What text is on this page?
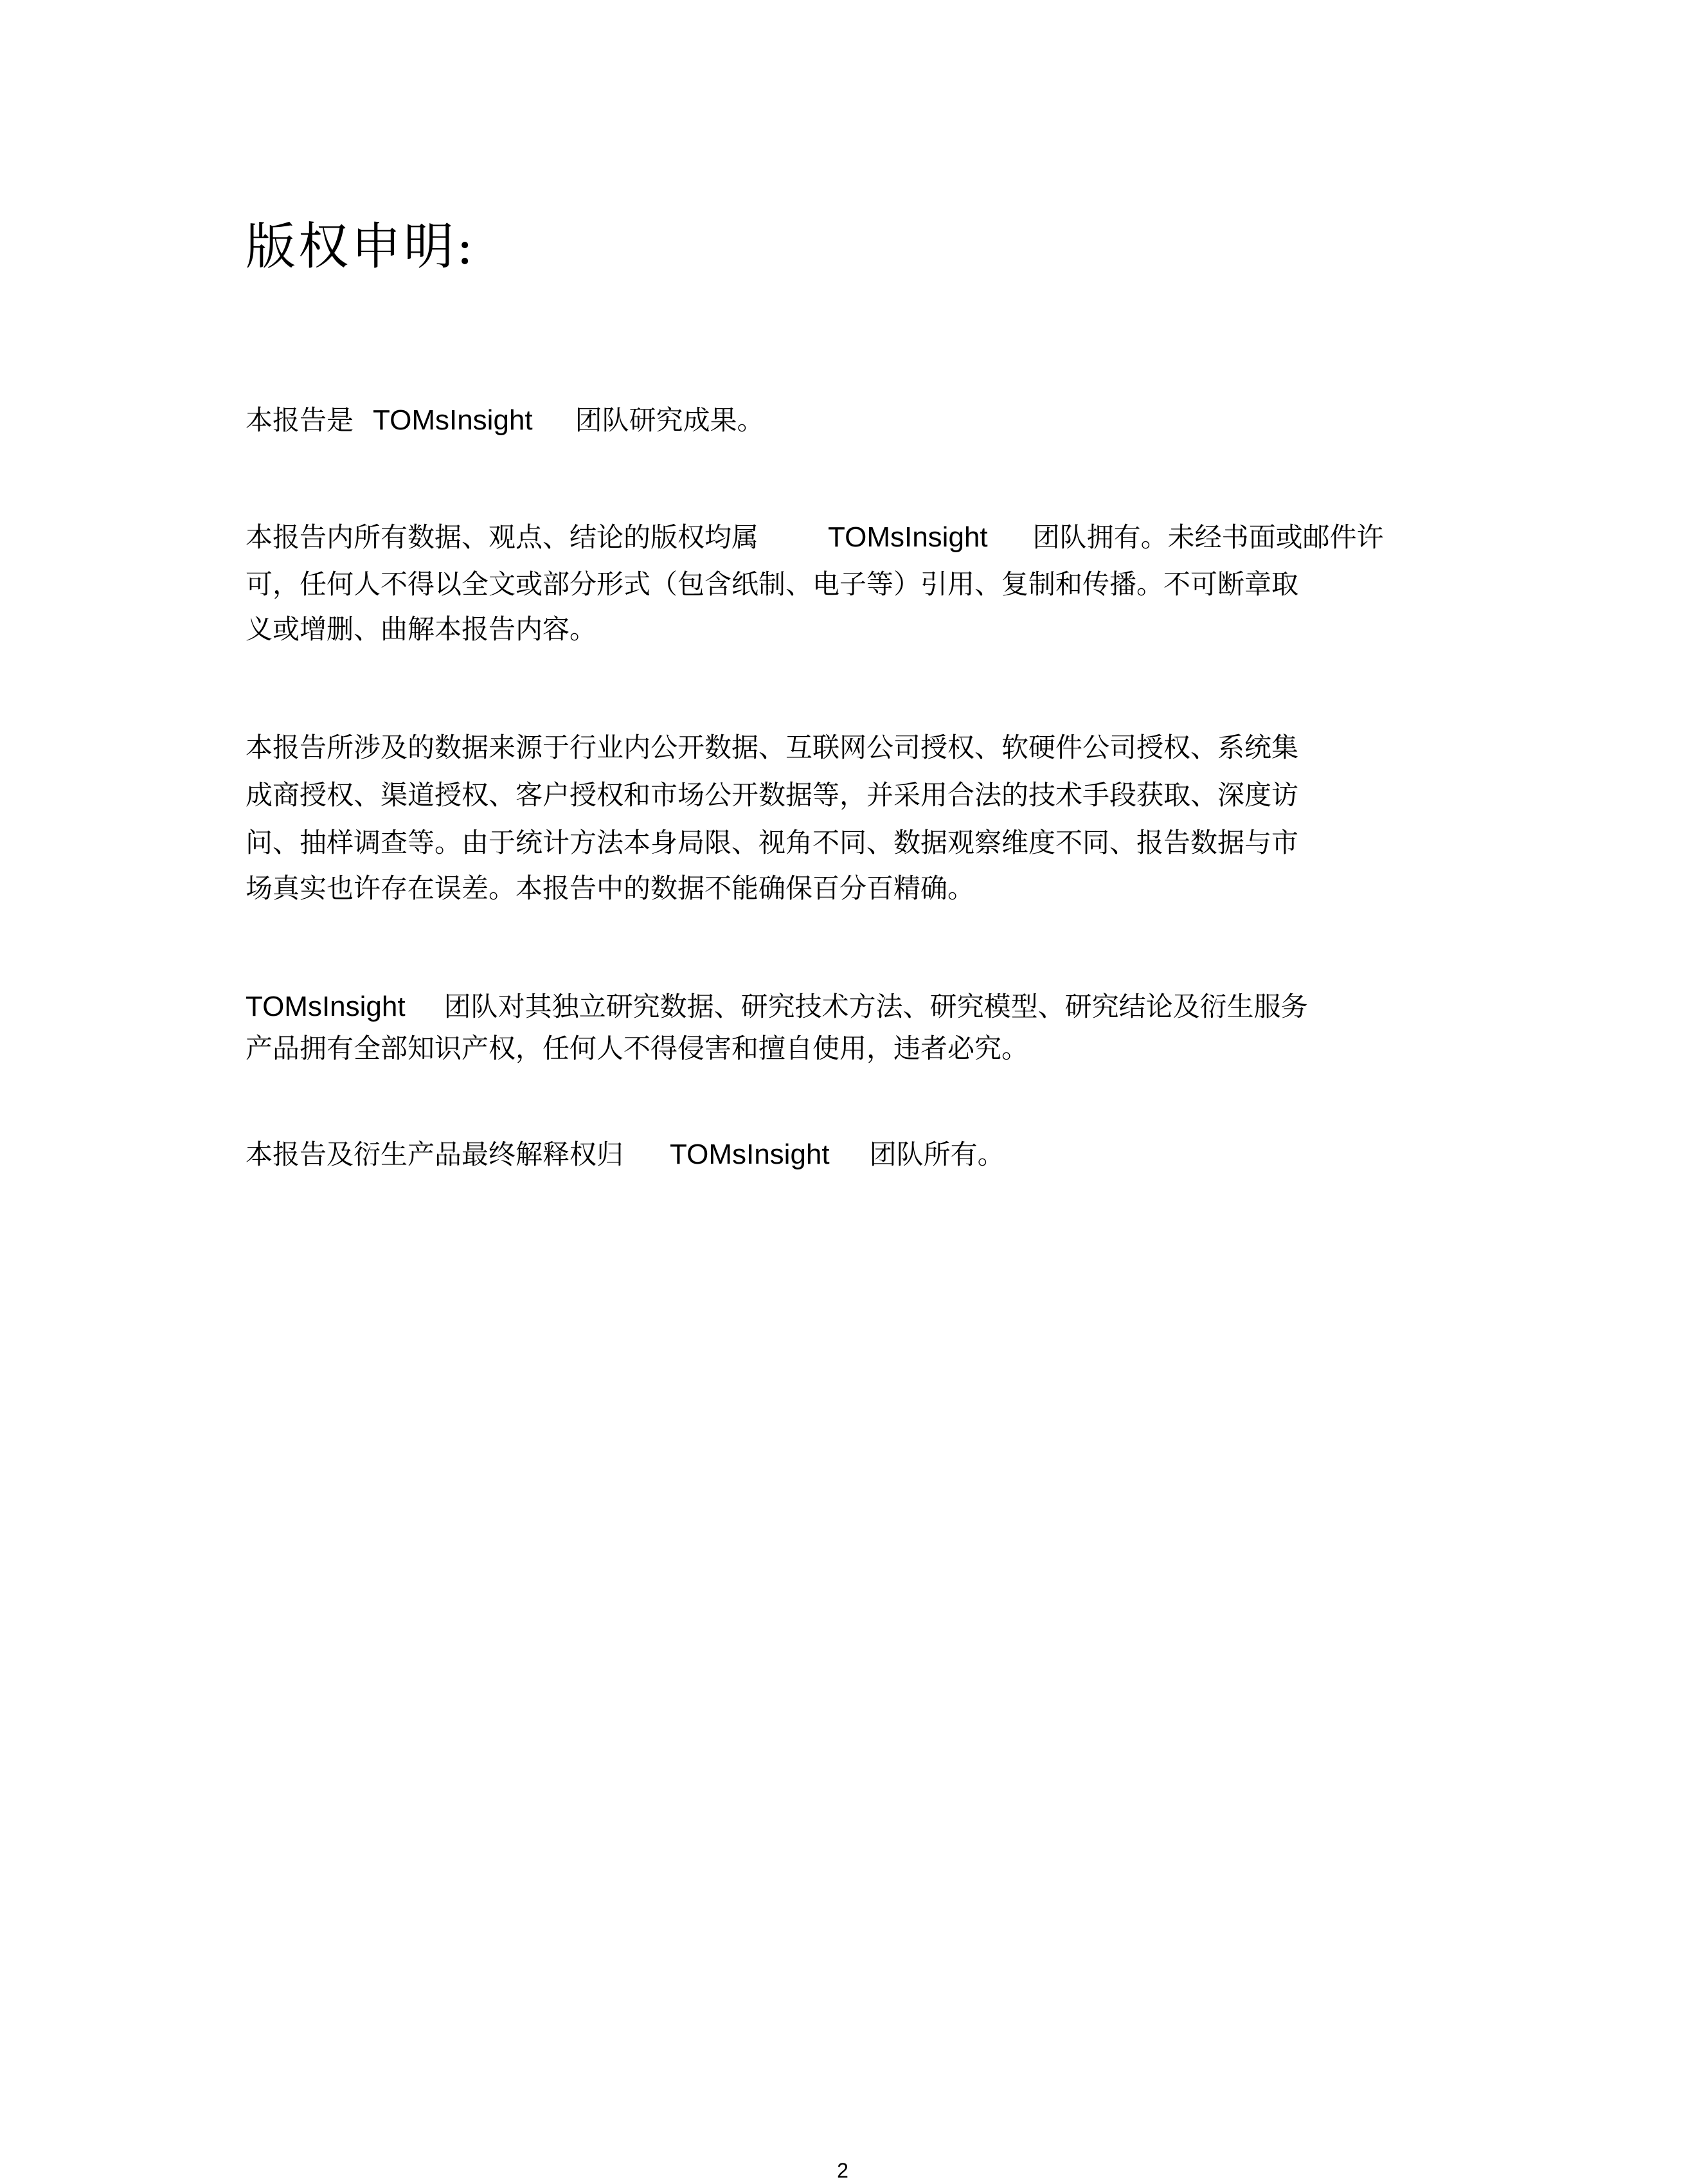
版权申明:
本报告是 TOMsInsight 团队研究成果。
本报告内所有数据、观点、结论的版权均属 TOMsInsight 团队拥有。未经书面或邮件许
可，任何人不得以全文或部分形式（包含纸制、电子等）引用、复制和传播。不可断章取
义或增删、曲解本报告内容。
本报告所涉及的数据来源于行业内公开数据、互联网公司授权、软硬件公司授权、系统集
成商授权、渠道授权、客户授权和市场公开数据等，并采用合法的技术手段获取、深度访
问、抽样调查等。由于统计方法本身局限、视角不同、数据观察维度不同、报告数据与市
场真实也许存在误差。本报告中的数据不能确保百分百精确。
TOMsInsight 团队对其独立研究数据、研究技术方法、研究模型、研究结论及衍生服务
产品拥有全部知识产权，任何人不得侵害和擅自使用，违者必究。
本报告及衍生产品最终解释权归 TOMsInsight 团队所有。
2
